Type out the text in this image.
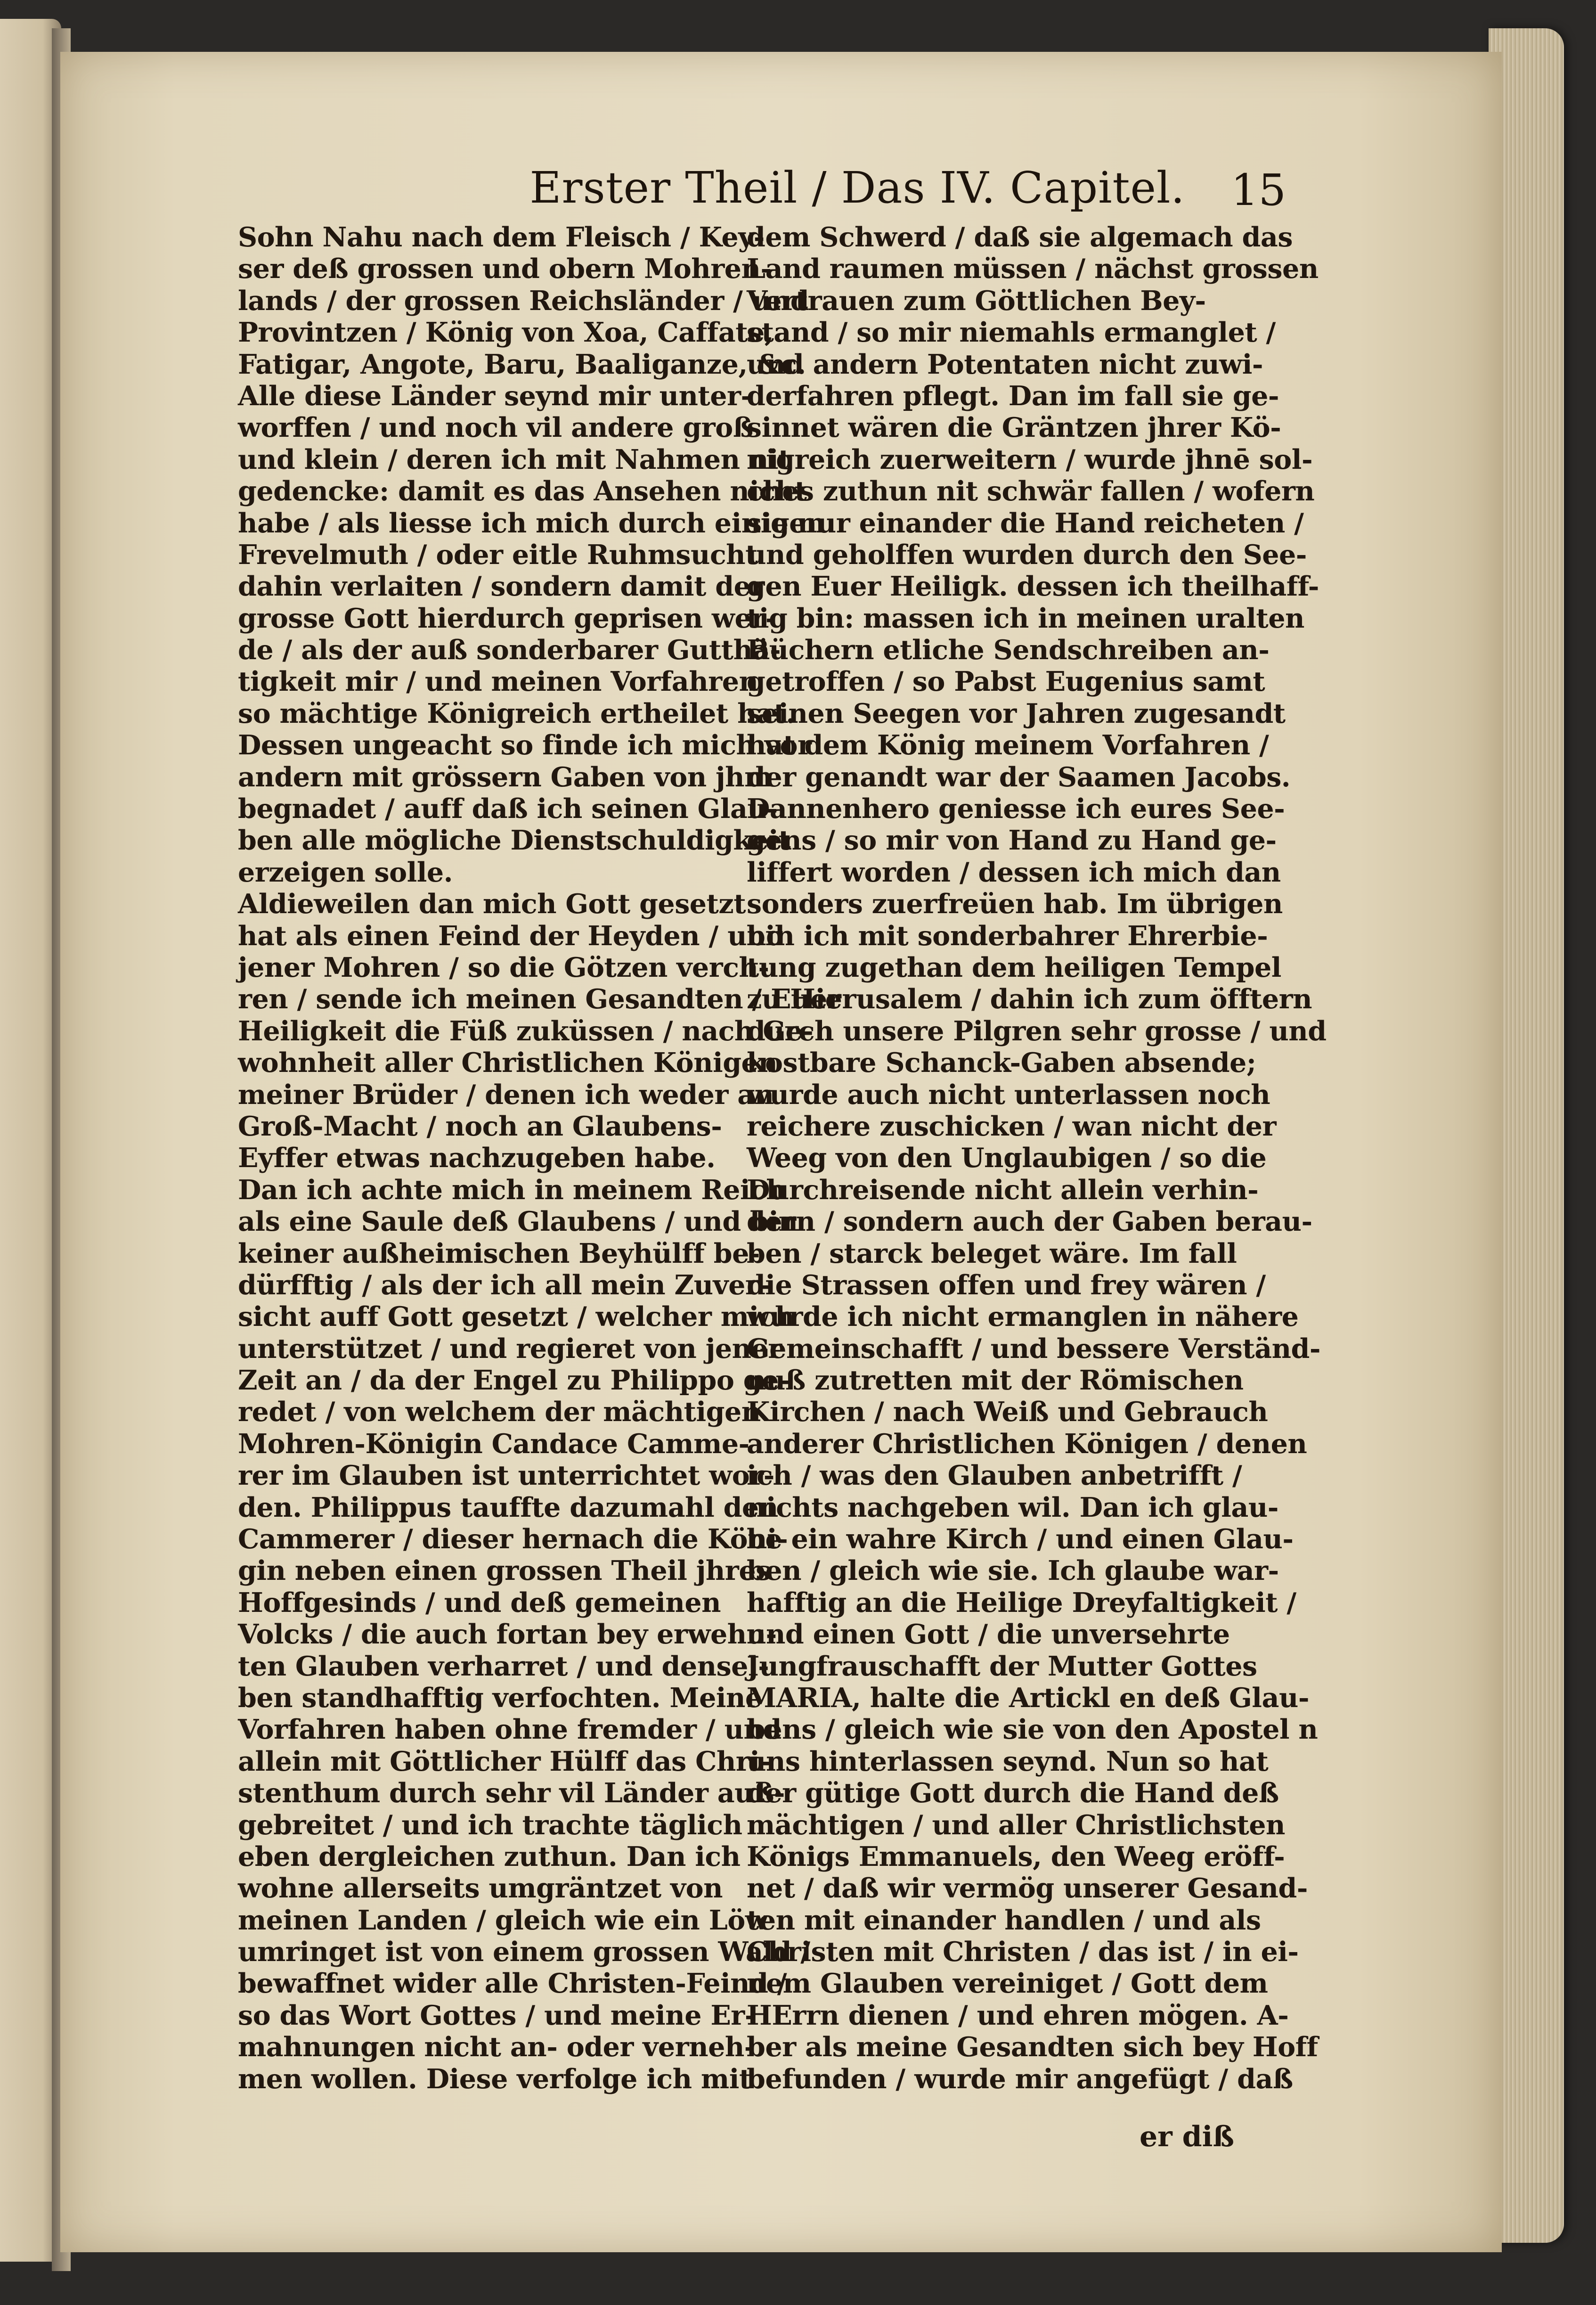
Erster Theil / Das IV. Capitel.	15
Sohn Nahu nach dem Fleisch / Key-
ser deß grossen und obern Mohren-
lands / der grossen Reichsländer / und
Provintzen / König von Xoa, Caffate,
Fatigar, Angote, Baru, Baaliganze, &c.
Alle diese Länder seynd mir unter-
worffen / und noch vil andere groß
und klein / deren ich mit Nahmen nit
gedencke: damit es das Ansehen nicht
habe / als liesse ich mich durch einigen
Frevelmuth / oder eitle Ruhmsucht
dahin verlaiten / sondern damit der
grosse Gott hierdurch geprisen wer-
de / als der auß sonderbarer Gutthä-
tigkeit mir / und meinen Vorfahren
so mächtige Königreich ertheilet hat.
Dessen ungeacht so finde ich mich vor
andern mit grössern Gaben von jhm
begnadet / auff daß ich seinen Glau-
ben alle mögliche Dienstschuldigkeit
erzeigen solle.
Aldieweilen dan mich Gott gesetzt
hat als einen Feind der Heyden / und
jener Mohren / so die Götzen verch-
ren / sende ich meinen Gesandten / Euer
Heiligkeit die Füß zuküssen / nach Ge-
wohnheit aller Christlichen Königen
meiner Brüder / denen ich weder an
Groß-Macht / noch an Glaubens-
Eyffer etwas nachzugeben habe.
Dan ich achte mich in meinem Reich
als eine Saule deß Glaubens / und bin
keiner außheimischen Beyhülff be-
dürfftig / als der ich all mein Zuver-
sicht auff Gott gesetzt / welcher mich
unterstützet / und regieret von jener
Zeit an / da der Engel zu Philippo ge-
redet / von welchem der mächtigen
Mohren-Königin Candace Camme-
rer im Glauben ist unterrichtet wor-
den. Philippus tauffte dazumahl den
Cammerer / dieser hernach die Köni-
gin neben einen grossen Theil jhres
Hoffgesinds / und deß gemeinen
Volcks / die auch fortan bey erwehn-
ten Glauben verharret / und densel-
ben standhafftig verfochten. Meine
Vorfahren haben ohne fremder / und
allein mit Göttlicher Hülff das Chri-
stenthum durch sehr vil Länder auß-
gebreitet / und ich trachte täglich
eben dergleichen zuthun. Dan ich
wohne allerseits umgräntzet von
meinen Landen / gleich wie ein Löw
umringet ist von einem grossen Wald /
bewaffnet wider alle Christen-Feind /
so das Wort Gottes / und meine Er-
mahnungen nicht an- oder verneh-
men wollen. Diese verfolge ich mit
dem Schwerd / daß sie algemach das
Land raumen müssen / nächst grossen
Vertrauen zum Göttlichen Bey-
stand / so mir niemahls ermanglet /
und andern Potentaten nicht zuwi-
derfahren pflegt. Dan im fall sie ge-
sinnet wären die Gräntzen jhrer Kö-
nigreich zuerweitern / wurde jhnē sol-
ches zuthun nit schwär fallen / wofern
sie nur einander die Hand reicheten /
und geholffen wurden durch den See-
gen Euer Heiligk. dessen ich theilhaff-
tig bin: massen ich in meinen uralten
Büchern etliche Sendschreiben an-
getroffen / so Pabst Eugenius samt
seinen Seegen vor Jahren zugesandt
hat dem König meinem Vorfahren /
der genandt war der Saamen Jacobs.
Dannenhero geniesse ich eures See-
gens / so mir von Hand zu Hand ge-
liffert worden / dessen ich mich dan
sonders zuerfreüen hab. Im übrigen
bin ich mit sonderbahrer Ehrerbie-
tung zugethan dem heiligen Tempel
zu Hierusalem / dahin ich zum öfftern
durch unsere Pilgren sehr grosse / und
kostbare Schanck-Gaben absende;
wurde auch nicht unterlassen noch
reichere zuschicken / wan nicht der
Weeg von den Unglaubigen / so die
Durchreisende nicht allein verhin-
dern / sondern auch der Gaben berau-
ben / starck beleget wäre. Im fall
die Strassen offen und frey wären /
wurde ich nicht ermanglen in nähere
Gemeinschafft / und bessere Verständ-
nuß zutretten mit der Römischen
Kirchen / nach Weiß und Gebrauch
anderer Christlichen Königen / denen
ich / was den Glauben anbetrifft /
nichts nachgeben wil. Dan ich glau-
be ein wahre Kirch / und einen Glau-
ben / gleich wie sie. Ich glaube war-
hafftig an die Heilige Dreyfaltigkeit /
und einen Gott / die unversehrte
Jungfrauschafft der Mutter Gottes
MARIA, halte die Artickl en deß Glau-
bens / gleich wie sie von den Apostel n
uns hinterlassen seynd. Nun so hat
der gütige Gott durch die Hand deß
mächtigen / und aller Christlichsten
Königs Emmanuels, den Weeg eröff-
net / daß wir vermög unserer Gesand-
ten mit einander handlen / und als
Christen mit Christen / das ist / in ei-
nem Glauben vereiniget / Gott dem
HErrn dienen / und ehren mögen. A-
ber als meine Gesandten sich bey Hoff
befunden / wurde mir angefügt / daß
er diß
